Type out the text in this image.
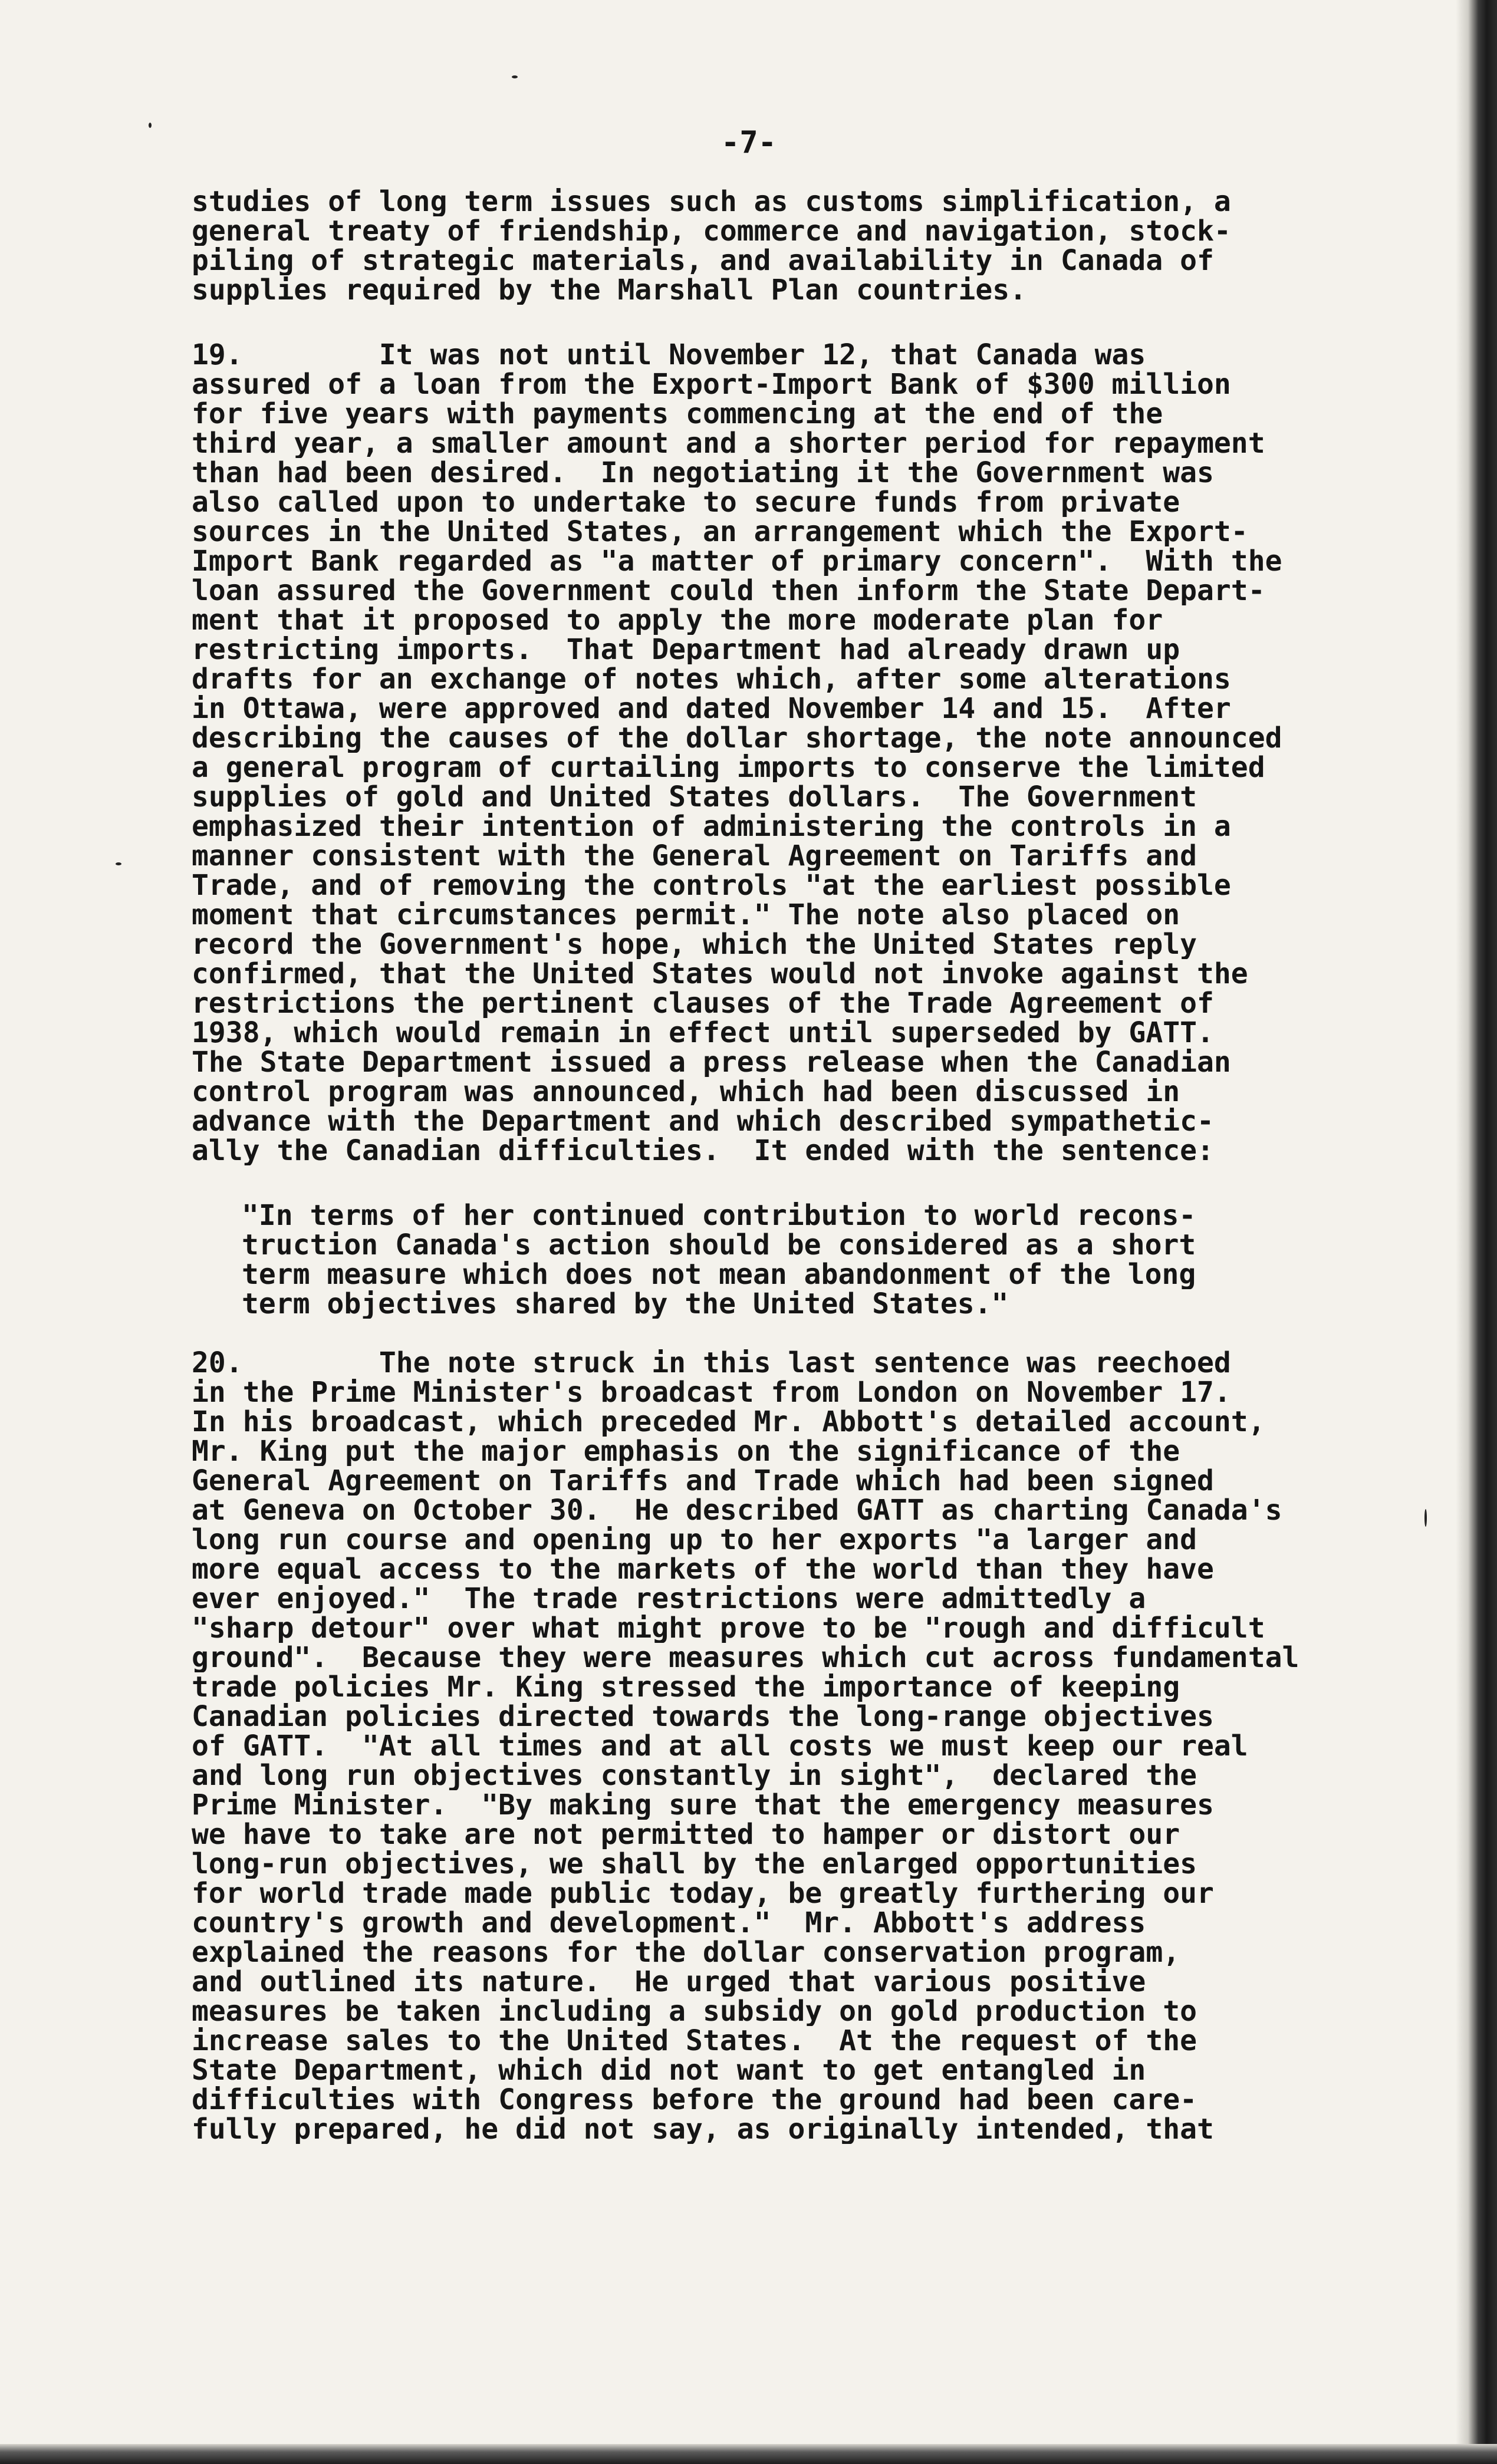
-7-
studies of long term issues such as customs simplification, a
general treaty of friendship, commerce and navigation, stock-
piling of strategic materials, and availability in Canada of
supplies required by the Marshall Plan countries.
19.        It was not until November 12, that Canada was
assured of a loan from the Export-Import Bank of $300 million
for five years with payments commencing at the end of the
third year, a smaller amount and a shorter period for repayment
than had been desired.  In negotiating it the Government was
also called upon to undertake to secure funds from private
sources in the United States, an arrangement which the Export-
Import Bank regarded as "a matter of primary concern".  With the
loan assured the Government could then inform the State Depart-
ment that it proposed to apply the more moderate plan for
restricting imports.  That Department had already drawn up
drafts for an exchange of notes which, after some alterations
in Ottawa, were approved and dated November 14 and 15.  After
describing the causes of the dollar shortage, the note announced
a general program of curtailing imports to conserve the limited
supplies of gold and United States dollars.  The Government
emphasized their intention of administering the controls in a
manner consistent with the General Agreement on Tariffs and
Trade, and of removing the controls "at the earliest possible
moment that circumstances permit." The note also placed on
record the Government's hope, which the United States reply
confirmed, that the United States would not invoke against the
restrictions the pertinent clauses of the Trade Agreement of
1938, which would remain in effect until superseded by GATT.
The State Department issued a press release when the Canadian
control program was announced, which had been discussed in
advance with the Department and which described sympathetic-
ally the Canadian difficulties.  It ended with the sentence:
"In terms of her continued contribution to world recons-
truction Canada's action should be considered as a short
term measure which does not mean abandonment of the long
term objectives shared by the United States."
20.        The note struck in this last sentence was reechoed
in the Prime Minister's broadcast from London on November 17.
In his broadcast, which preceded Mr. Abbott's detailed account,
Mr. King put the major emphasis on the significance of the
General Agreement on Tariffs and Trade which had been signed
at Geneva on October 30.  He described GATT as charting Canada's
long run course and opening up to her exports "a larger and
more equal access to the markets of the world than they have
ever enjoyed."  The trade restrictions were admittedly a
"sharp detour" over what might prove to be "rough and difficult
ground".  Because they were measures which cut across fundamental
trade policies Mr. King stressed the importance of keeping
Canadian policies directed towards the long-range objectives
of GATT.  "At all times and at all costs we must keep our real
and long run objectives constantly in sight",  declared the
Prime Minister.  "By making sure that the emergency measures
we have to take are not permitted to hamper or distort our
long-run objectives, we shall by the enlarged opportunities
for world trade made public today, be greatly furthering our
country's growth and development."  Mr. Abbott's address
explained the reasons for the dollar conservation program,
and outlined its nature.  He urged that various positive
measures be taken including a subsidy on gold production to
increase sales to the United States.  At the request of the
State Department, which did not want to get entangled in
difficulties with Congress before the ground had been care-
fully prepared, he did not say, as originally intended, that
